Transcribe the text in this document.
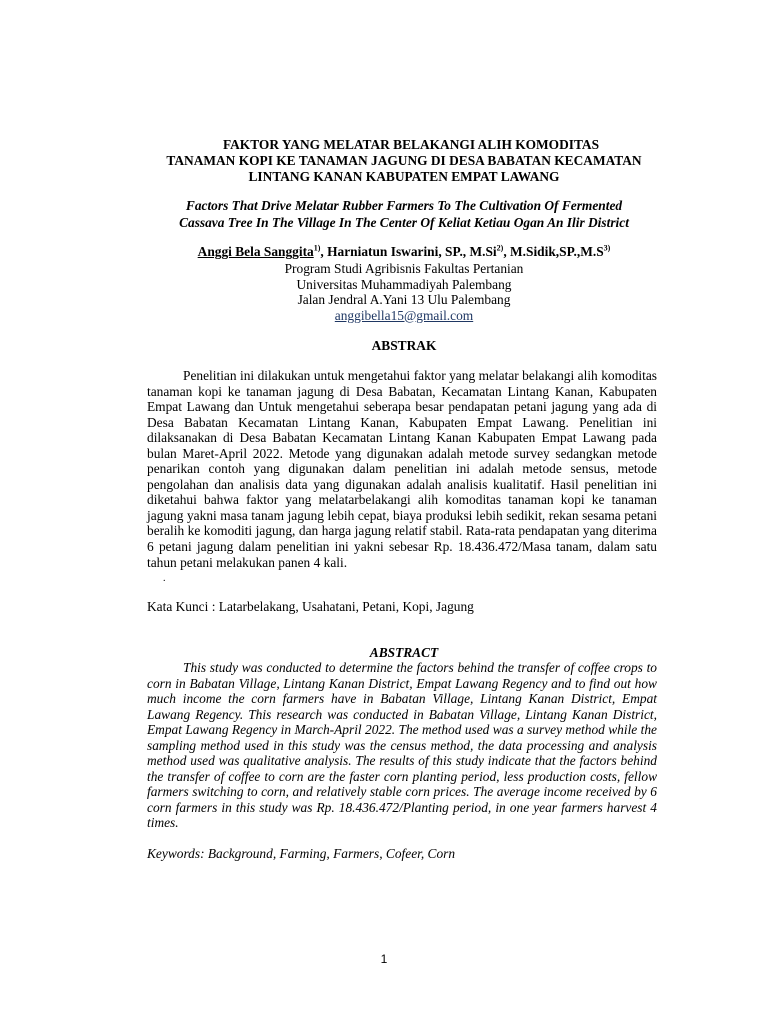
FAKTOR YANG MELATAR BELAKANGI ALIH KOMODITAS
TANAMAN KOPI KE TANAMAN JAGUNG DI DESA BABATAN KECAMATAN
LINTANG KANAN KABUPATEN EMPAT LAWANG
Factors That Drive Melatar Rubber Farmers To The Cultivation Of Fermented
Cassava Tree In The Village In The Center Of Keliat Ketiau Ogan An Ilir District
Anggi Bela Sanggita$^{1)}$, Harniatun Iswarini, SP., M.Si$^{2)}$, $M.Sidik,SP.,M.S^{3)}$
Program Studi Agribisnis Fakultas Pertanian
Universitas Muhammadiyah Palembang
Jalan Jendral A.Yani 13 Ulu Palembang
anggibella15@gmail.com
ABSTRAK

Penelitian ini dilakukan untuk mengetahui faktor yang melatar belakangi alih komoditas tanaman kopi ke tanaman jagung di Desa Babatan, Kecamatan Lintang Kanan, Kabupaten Empat Lawang dan Untuk mengetahui seberapa besar pendapatan petani jagung yang ada di Desa Babatan Kecamatan Lintang Kanan, Kabupaten Empat Lawang. Penelitian ini dilaksanakan di Desa Babatan Kecamatan Lintang Kanan Kabupaten Empat Lawang pada bulan Maret-April 2022. Metode yang digunakan adalah metode survey sedangkan metode penarikan contoh yang digunakan dalam penelitian ini adalah metode sensus, metode pengolahan dan analisis data yang digunakan adalah analisis kualitatif. Hasil penelitian ini diketahui bahwa faktor yang melatarbelakangi alih komoditas tanaman kopi ke tanaman jagung yakni masa tanam jagung lebih cepat, biaya produksi lebih sedikit, rekan sesama petani beralih ke komoditi jagung, dan harga jagung relatif stabil. Rata-rata pendapatan yang diterima 6 petani jagung dalam penelitian ini yakni sebesar Rp. 18.436.472/Masa tanam, dalam satu tahun petani melakukan panen 4 kali.

.
Kata Kunci : Latarbelakang, Usahatani, Petani, Kopi, Jagung
ABSTRACT

This study was conducted to determine the factors behind the transfer of coffee crops to corn in Babatan Village, Lintang Kanan District, Empat Lawang Regency and to find out how much income the corn farmers have in Babatan Village, Lintang Kanan District, Empat Lawang Regency. This research was conducted in Babatan Village, Lintang Kanan District, Empat Lawang Regency in March-April 2022. The method used was a survey method while the sampling method used in this study was the census method, the data processing and analysis method used was qualitative analysis. The results of this study indicate that the factors behind the transfer of coffee to corn are the faster corn planting period, less production costs, fellow farmers switching to corn, and relatively stable corn prices. The average income received by 6 corn farmers in this study was Rp. 18.436.472/Planting period, in one year farmers harvest 4 times.

Keywords: Background, Farming, Farmers, Cofeer, Corn
1
